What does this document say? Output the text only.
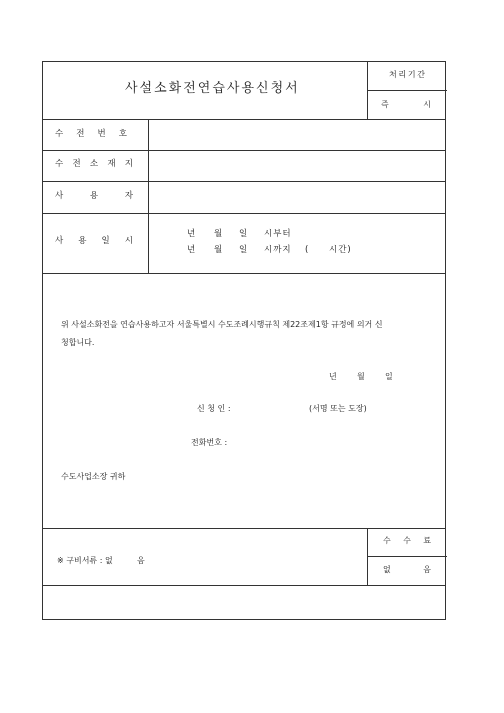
사설소화전연습사용신청서
처 리 기 간
즉	시
수 전 번 호
수 전 소 재 지
사	용	자
사 용 일 시
년 월 일 시부터
년 월 일 시까지 ( 시간)
위 사설소화전을 연습사용하고자 서울특별시 수도조례시행규칙 제22조제1항 규정에 의거 신
청합니다.
년	월	일
신 청 인 :	(서명 또는 도장)
전화번호 :
수도사업소장 귀하
※ 구비서류 : 없	음
수 수 료
없	음
